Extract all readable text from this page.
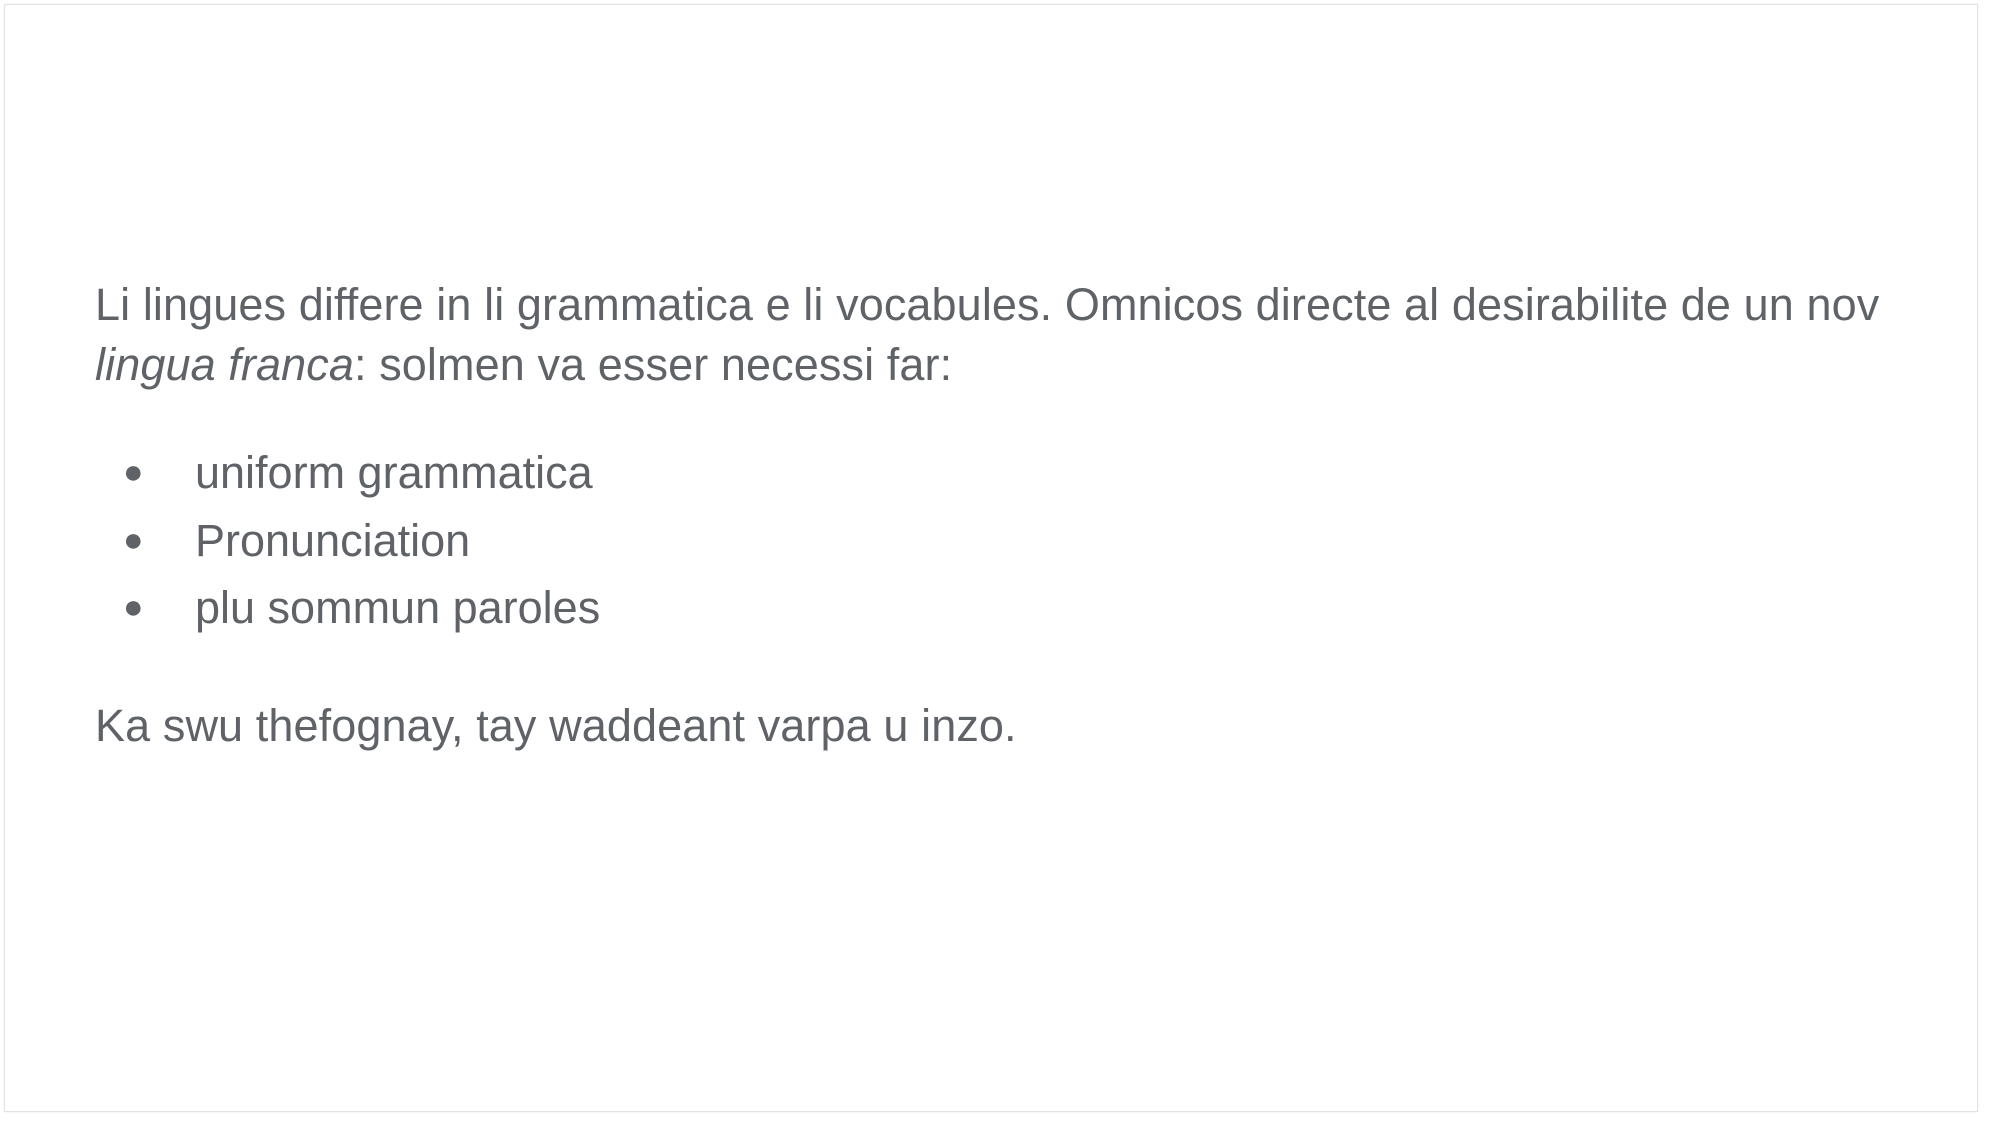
Li lingues differe in li grammatica e li vocabules. Omnicos directe al desirabilite de un nov lingua franca: solmen va esser necessi far:

● uniform grammatica
● Pronunciation
● plu sommun paroles

Ka swu thefognay, tay waddeant varpa u inzo.
